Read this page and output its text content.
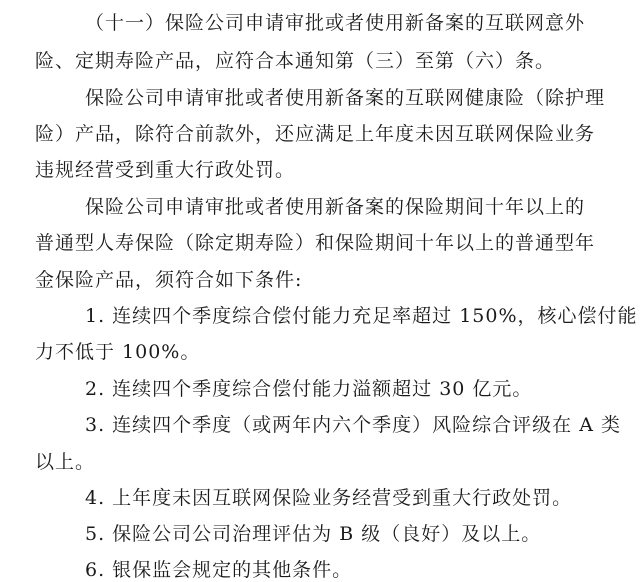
（十一）保险公司申请审批或者使用新备案的互联网意外
险、定期寿险产品，应符合本通知第（三）至第（六）条。
保险公司申请审批或者使用新备案的互联网健康险（除护理
险）产品，除符合前款外，还应满足上年度未因互联网保险业务
违规经营受到重大行政处罚。
保险公司申请审批或者使用新备案的保险期间十年以上的
普通型人寿保险（除定期寿险）和保险期间十年以上的普通型年
金保险产品，须符合如下条件:
1. 连续四个季度综合偿付能力充足率超过 150%，核心偿付能
力不低于 100%。
2. 连续四个季度综合偿付能力溢额超过 30 亿元。
3. 连续四个季度（或两年内六个季度）风险综合评级在 A 类
以上。
4. 上年度未因互联网保险业务经营受到重大行政处罚。
5. 保险公司公司治理评估为 B 级（良好）及以上。
6. 银保监会规定的其他条件。
